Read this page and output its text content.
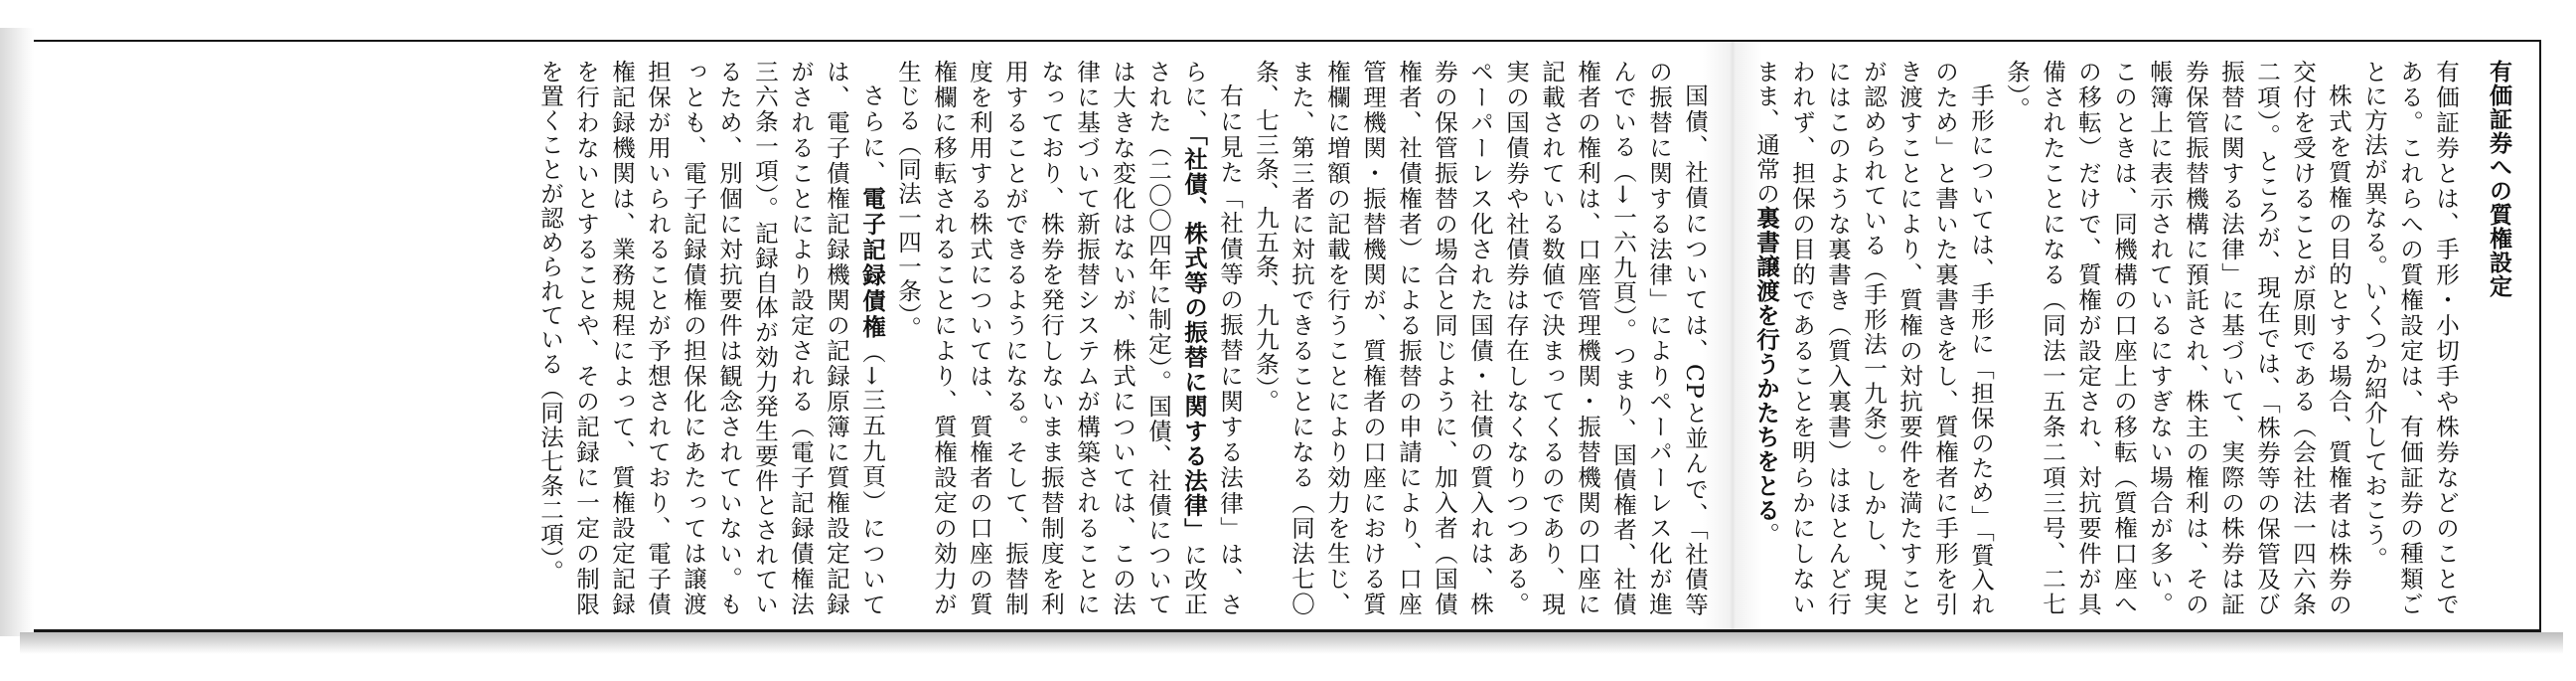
有価証券への質権設定

有価証券とは、手形・小切手や株券などのことである。これらへの質権設定は、有価証券の種類ごとに方法が異なる。いくつか紹介しておこう。

株式を質権の目的とする場合、質権者は株券の交付を受けることが原則である（会社法一四六条二項）。ところが、現在では、「株券等の保管及び振替に関する法律」に基づいて、実際の株券は証券保管振替機構に預託され、株主の権利は、その帳簿上に表示されているにすぎない場合が多い。このときは、同機構の口座上の移転（質権口座への移転）だけで、質権が設定され、対抗要件が具備されたことになる（同法一五条二項三号、二七条）。

手形については、手形に「担保のため」「質入れのため」と書いた裏書きをし、質権者に手形を引き渡すことにより、質権の対抗要件を満たすことが認められている（手形法一九条）。しかし、現実にはこのような裏書き（質入裏書）はほとんど行われず、担保の目的であることを明らかにしないまま、通常の裏書譲渡を行うかたちをとる。

国債、社債については、CPと並んで、「社債等の振替に関する法律」によりペーパーレス化が進んでいる（→一六九頁）。つまり、国債権者、社債権者の権利は、口座管理機関・振替機関の口座に記載されている数値で決まってくるのであり、現実の国債券や社債券は存在しなくなりつつある。ペーパーレス化された国債・社債の質入れは、株券の保管振替の場合と同じように、加入者（国債権者、社債権者）による振替の申請により、口座管理機関・振替機関が、質権者の口座における質権欄に増額の記載を行うことにより効力を生じ、また、第三者に対抗できることになる（同法七〇条、七三条、九五条、九九条）。

右に見た「社債等の振替に関する法律」は、さらに、「社債、株式等の振替に関する法律」に改正された（二〇〇四年に制定）。国債、社債については大きな変化はないが、株式については、この法律に基づいて新振替システムが構築されることになっており、株券を発行しないまま振替制度を利用することができるようになる。そして、振替制度を利用する株式については、質権者の口座の質権欄に移転されることにより、質権設定の効力が生じる（同法一四一条）。

さらに、電子記録債権（→三五九頁）については、電子債権記録機関の記録原簿に質権設定記録がされることにより設定される（電子記録債権法三六条一項）。記録自体が効力発生要件とされているため、別個に対抗要件は観念されていない。もっとも、電子記録債権の担保化にあたっては譲渡担保が用いられることが予想されており、電子債権記録機関は、業務規程によって、質権設定記録を行わないとすることや、その記録に一定の制限を置くことが認められている（同法七条二項）。
